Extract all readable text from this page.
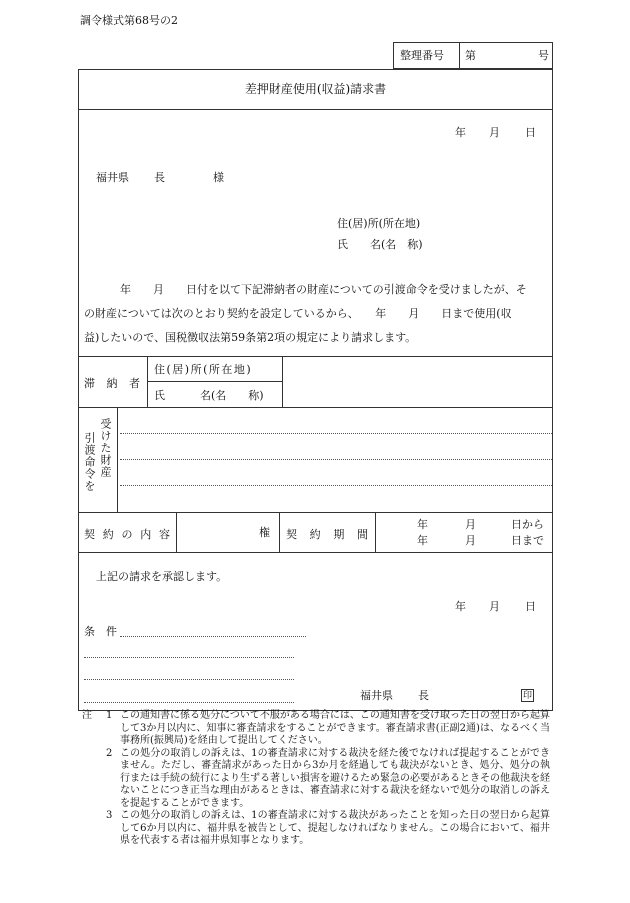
調令様式第68号の2
整理番号 第	号
差押財産使用(収益)請求書
年 月 日
福井県 長	様
住(居)所(所在地)
氏　　名(名　称)
年　　月　　日付を以て下記滞納者の財産についての引渡命令を受けましたが、そ
の財産については次のとおり契約を設定しているから、　　年　　月　　日まで使用(収
益)したいので、国税徴収法第59条第2項の規定により請求します。
滞 納 者
住(居)所(所在地)
氏	名(名　　称)
受けた財産
引渡命令を
契 約 の 内 容	権 契 約 期 間
年	月	日から
年	月	日まで
上記の請求を承認します。
年 月 日
条　件
福井県 長	印
注	1 この通知書に係る処分について不服がある場合には、この通知書を受け取った日の翌日から起算して3か月以内に、知事に審査請求をすることができます。審査請求書(正副2通)は、なるべく当事務所(振興局)を経由して提出してください。
2 この処分の取消しの訴えは、1の審査請求に対する裁決を経た後でなければ提起することができません。ただし、審査請求があった日から3か月を経過しても裁決がないとき、処分、処分の執行または手続の続行により生ずる著しい損害を避けるため緊急の必要があるときその他裁決を経ないことにつき正当な理由があるときは、審査請求に対する裁決を経ないで処分の取消しの訴えを提起することができます。
3 この処分の取消しの訴えは、1の審査請求に対する裁決があったことを知った日の翌日から起算して6か月以内に、福井県を被告として、提起しなければなりません。この場合において、福井県を代表する者は福井県知事となります。
